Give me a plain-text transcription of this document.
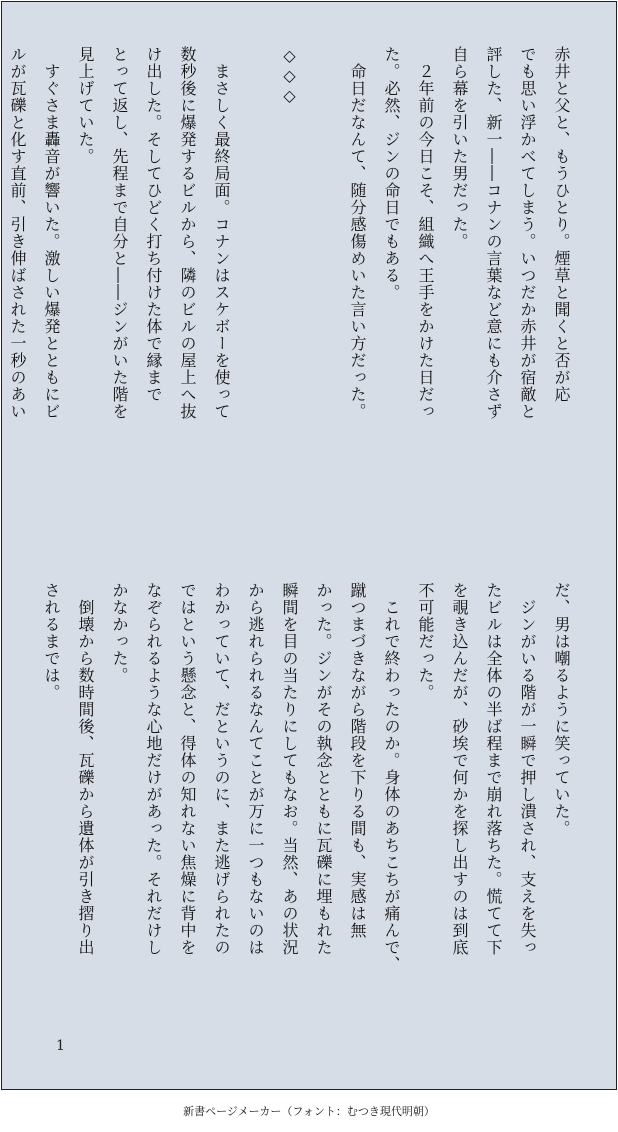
赤井と父と、もうひとり。煙草と聞くと否が応

でも思い浮かべてしまう。いつだか赤井が宿敵と

評した、新一――コナンの言葉など意にも介さず

自ら幕を引いた男だった。

　２年前の今日こそ、組織へ王手をかけた日だっ

た。必然、ジンの命日でもある。

　命日だなんて、随分感傷めいた言い方だった。

◇◇◇

　まさしく最終局面。コナンはスケボーを使って

数秒後に爆発するビルから、隣のビルの屋上へ抜

け出した。そしてひどく打ち付けた体で縁まで

とって返し、先程まで自分と――ジンがいた階を

見上げていた。

　すぐさま轟音が響いた。激しい爆発とともにビ

ルが瓦礫と化す直前、引き伸ばされた一秒のあい

だ、男は嘲るように笑っていた。

　ジンがいる階が一瞬で押し潰され、支えを失っ

たビルは全体の半ば程まで崩れ落ちた。慌てて下

を覗き込んだが、砂埃で何かを探し出すのは到底

不可能だった。

　これで終わったのか。身体のあちこちが痛んで、

蹴つまづきながら階段を下りる間も、実感は無

かった。ジンがその執念とともに瓦礫に埋もれた

瞬間を目の当たりにしてもなお。当然、あの状況

から逃れられるなんてことが万に一つもないのは

わかっていて、だというのに、また逃げられたの

ではという懸念と、得体の知れない焦燥に背中を

なぞられるような心地だけがあった。それだけし

かなかった。

　倒壊から数時間後、瓦礫から遺体が引き摺り出

されるまでは。

1
新書ページメーカー（フォント：むつき現代明朝）
